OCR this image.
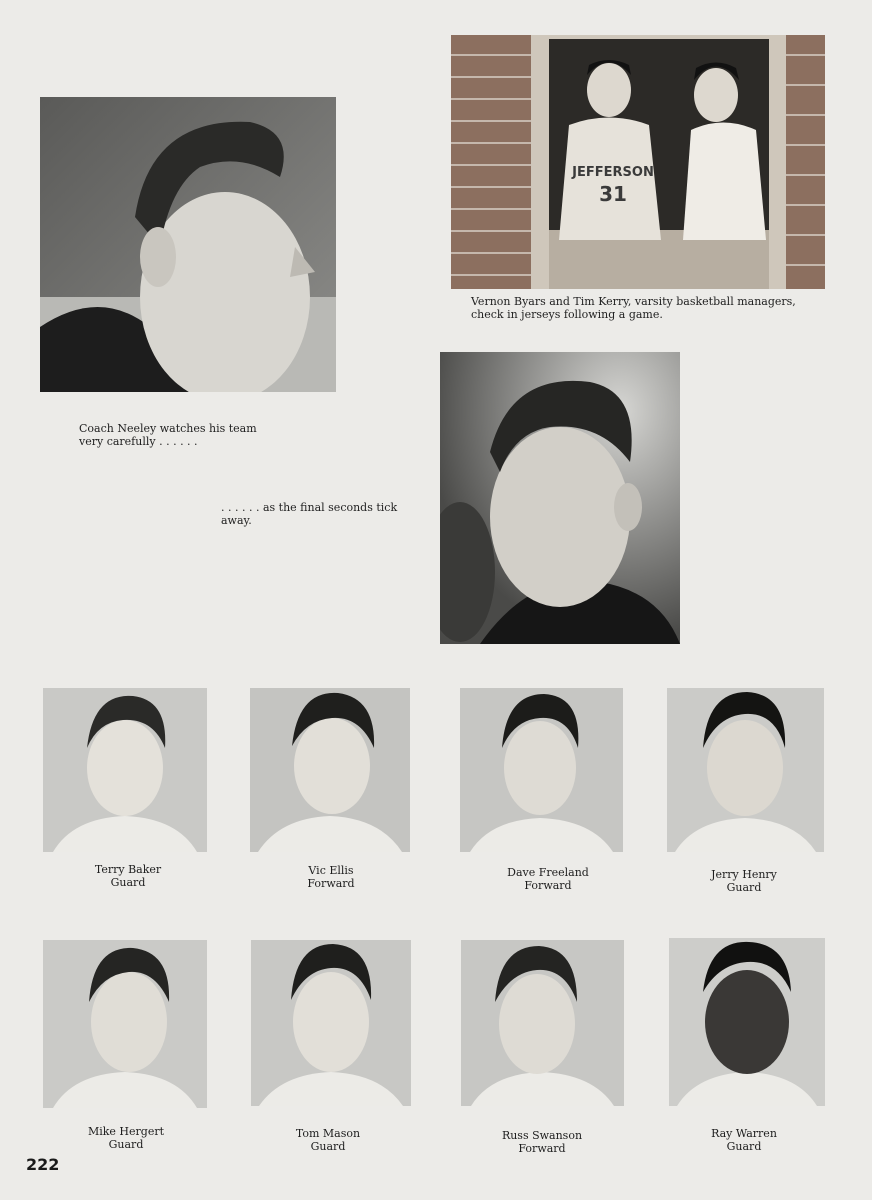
JEFFERSON
31

Vernon Byars and Tim Kerry, varsity basketball managers, check in jerseys following a game.

Coach Neeley watches his team very carefully . . . . . .

. . . . . . as the final seconds tick away.

Terry Baker
Guard
Vic Ellis
Forward
Dave Freeland
Forward
Jerry Henry
Guard
Mike Hergert
Guard
Tom Mason
Guard
Russ Swanson
Forward
Ray Warren
Guard
222
